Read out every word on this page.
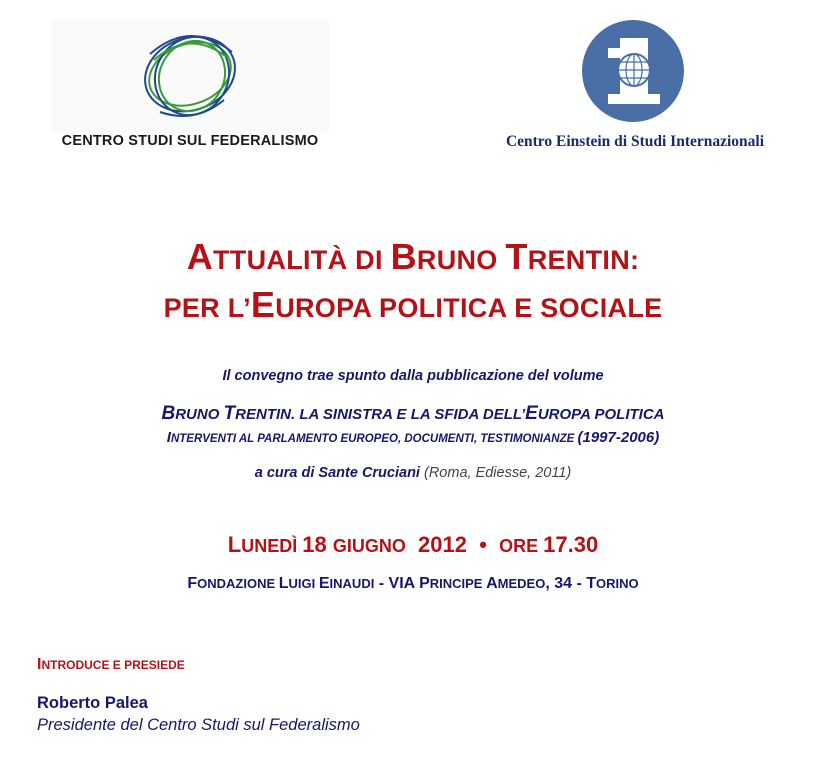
CENTRO STUDI SUL FEDERALISMO	Centro Einstein di Studi Internazionali
ATTUALITÀ DI BRUNO TRENTIN:
PER L’EUROPA POLITICA E SOCIALE
Il convegno trae spunto dalla pubblicazione del volume
BRUNO TRENTIN. LA SINISTRA E LA SFIDA DELL’EUROPA POLITICA
INTERVENTI AL PARLAMENTO EUROPEO, DOCUMENTI, TESTIMONIANZE (1997-2006)
a cura di Sante Cruciani (Roma, Ediesse, 2011)
LUNEDÌ 18 GIUGNO  2012  •  ORE 17.30
FONDAZIONE LUIGI EINAUDI - VIA PRINCIPE AMEDEO, 34 - TORINO
INTRODUCE E PRESIEDE
Roberto Palea
Presidente del Centro Studi sul Federalismo
